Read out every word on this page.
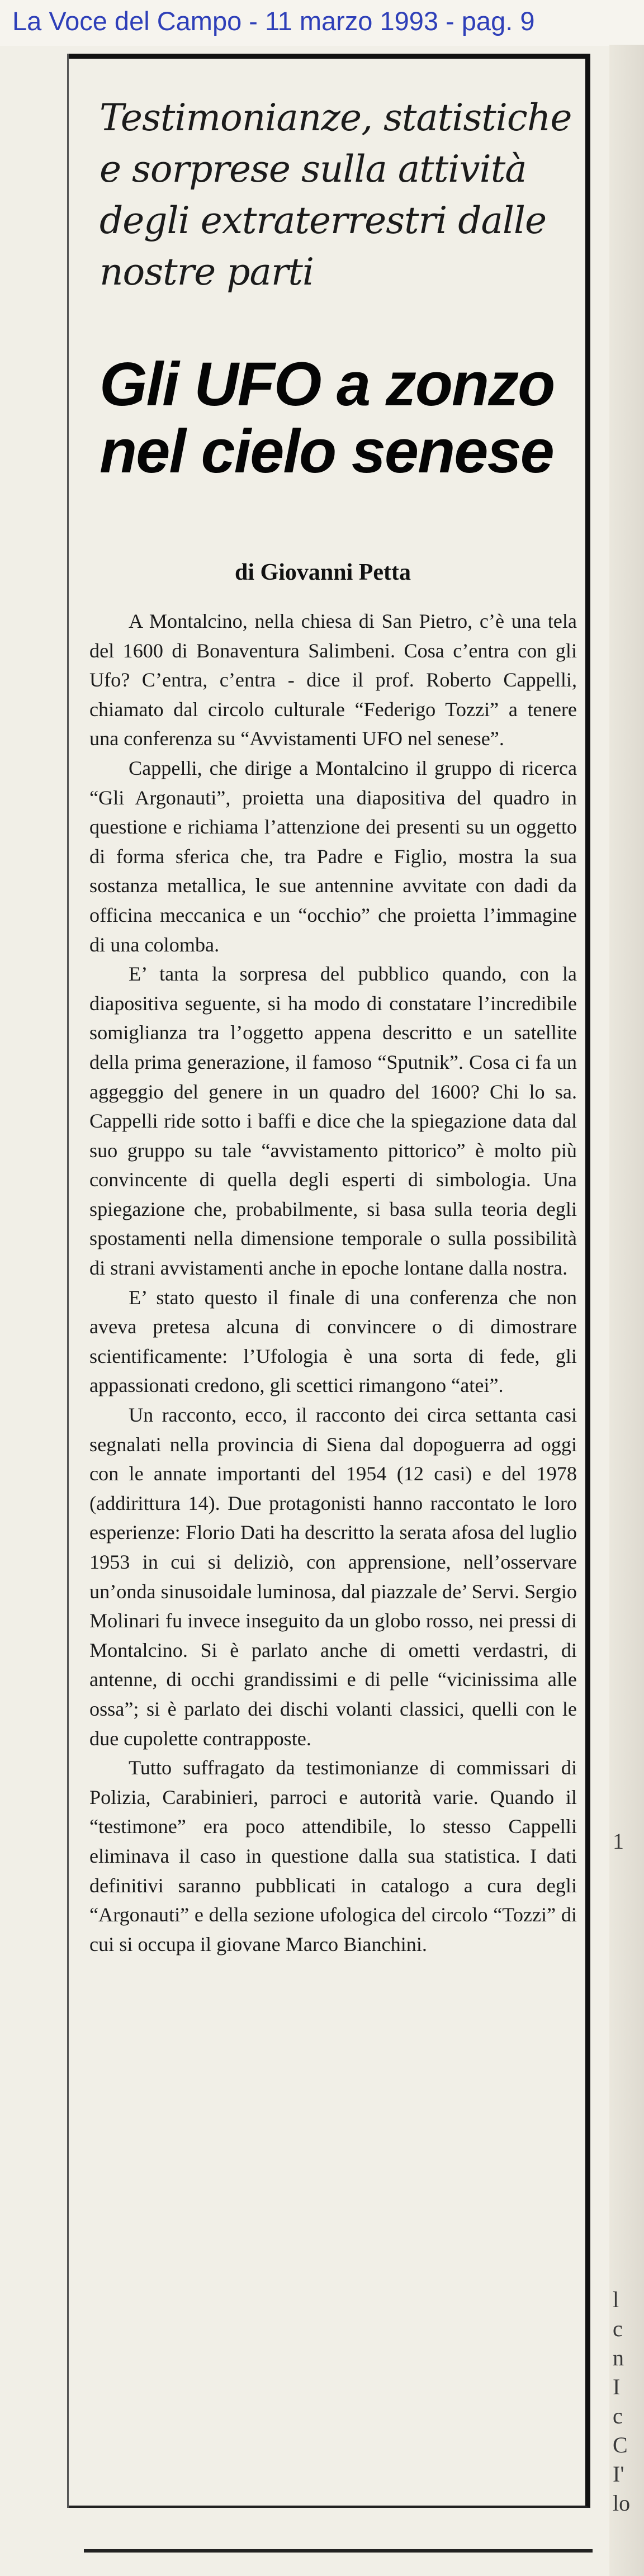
La Voce del Campo - 11 marzo 1993 - pag. 9
1
l
c
n
I
c
C
I'
lo
Testimonianze, statistiche e sorprese sulla attività degli extraterrestri dalle nostre parti
Gli UFO a zonzo nel cielo senese
di Giovanni Petta

A Montalcino, nella chiesa di San Pietro, c’è una tela del 1600 di Bonaventura Salimbeni. Cosa c’entra con gli Ufo? C’entra, c’entra - dice il prof. Roberto Cappelli, chiamato dal circolo culturale “Federigo Tozzi” a tenere una conferenza su “Avvistamenti UFO nel senese”.

Cappelli, che dirige a Montalcino il gruppo di ricerca “Gli Argonauti”, proietta una diapositiva del quadro in questione e richiama l’attenzione dei presenti su un oggetto di forma sferica che, tra Padre e Figlio, mostra la sua sostanza metallica, le sue antennine avvitate con dadi da officina meccanica e un “occhio” che proietta l’immagine di una colomba.

E’ tanta la sorpresa del pubblico quando, con la diapositiva seguente, si ha modo di constatare l’incredibile somiglianza tra l’oggetto appena descritto e un satellite della prima generazione, il famoso “Sputnik”. Cosa ci fa un aggeggio del genere in un quadro del 1600? Chi lo sa. Cappelli ride sotto i baffi e dice che la spiegazione data dal suo gruppo su tale “avvistamento pittorico” è molto più convincente di quella degli esperti di simbologia. Una spiegazione che, probabilmente, si basa sulla teoria degli spostamenti nella dimensione temporale o sulla possibilità di strani avvistamenti anche in epoche lontane dalla nostra.

E’ stato questo il finale di una conferenza che non aveva pretesa alcuna di convincere o di dimostrare scientificamente: l’Ufologia è una sorta di fede, gli appassionati credono, gli scettici rimangono “atei”.

Un racconto, ecco, il racconto dei circa settanta casi segnalati nella provincia di Siena dal dopoguerra ad oggi con le annate importanti del 1954 (12 casi) e del 1978 (addirittura 14). Due protagonisti hanno raccontato le loro esperienze: Florio Dati ha descritto la serata afosa del luglio 1953 in cui si deliziò, con apprensione, nell’osservare un’onda sinusoidale luminosa, dal piazzale de’ Servi. Sergio Molinari fu invece inseguito da un globo rosso, nei pressi di Montalcino. Si è parlato anche di ometti verdastri, di antenne, di occhi grandissimi e di pelle “vicinissima alle ossa”; si è parlato dei dischi volanti classici, quelli con le due cupolette contrapposte.

Tutto suffragato da testimonianze di commissari di Polizia, Carabinieri, parroci e autorità varie. Quando il “testimone” era poco attendibile, lo stesso Cappelli eliminava il caso in questione dalla sua statistica. I dati definitivi saranno pubblicati in catalogo a cura degli “Argonauti” e della sezione ufologica del circolo “Tozzi” di cui si occupa il giovane Marco Bianchini.
